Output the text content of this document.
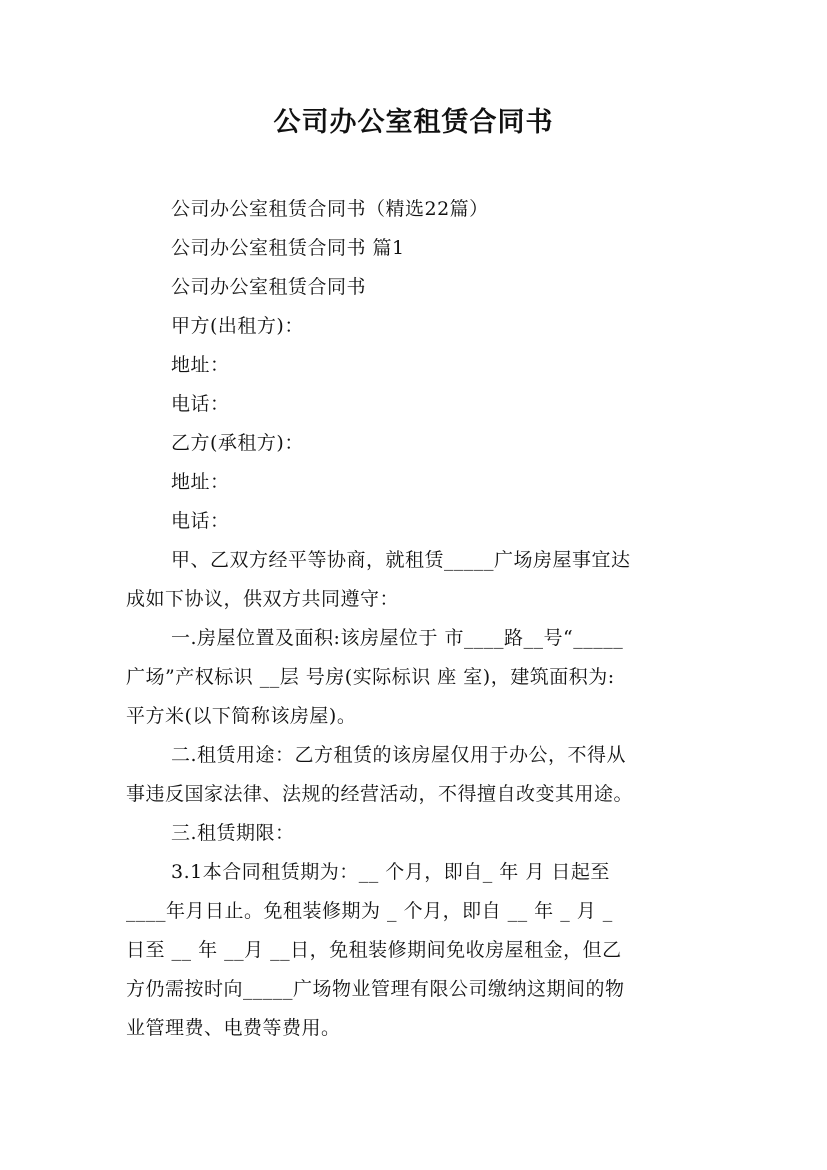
公司办公室租赁合同书
公司办公室租赁合同书（精选22篇）
公司办公室租赁合同书 篇1
公司办公室租赁合同书
甲方(出租方)：
地址：
电话：
乙方(承租方)：
地址：
电话：
甲、乙双方经平等协商，就租赁_____广场房屋事宜达
成如下协议，供双方共同遵守：
一.房屋位置及面积:该房屋位于 市____路__号“_____
广场”产权标识 __层 号房(实际标识 座 室)，建筑面积为:
平方米(以下简称该房屋)。
二.租赁用途：乙方租赁的该房屋仅用于办公，不得从
事违反国家法律、法规的经营活动，不得擅自改变其用途。
三.租赁期限：
3.1本合同租赁期为：__ 个月，即自_ 年 月 日起至
____年月日止。免租装修期为 _ 个月，即自 __ 年 _ 月 _
日至 __ 年 __月 __日，免租装修期间免收房屋租金，但乙
方仍需按时向_____广场物业管理有限公司缴纳这期间的物
业管理费、电费等费用。
